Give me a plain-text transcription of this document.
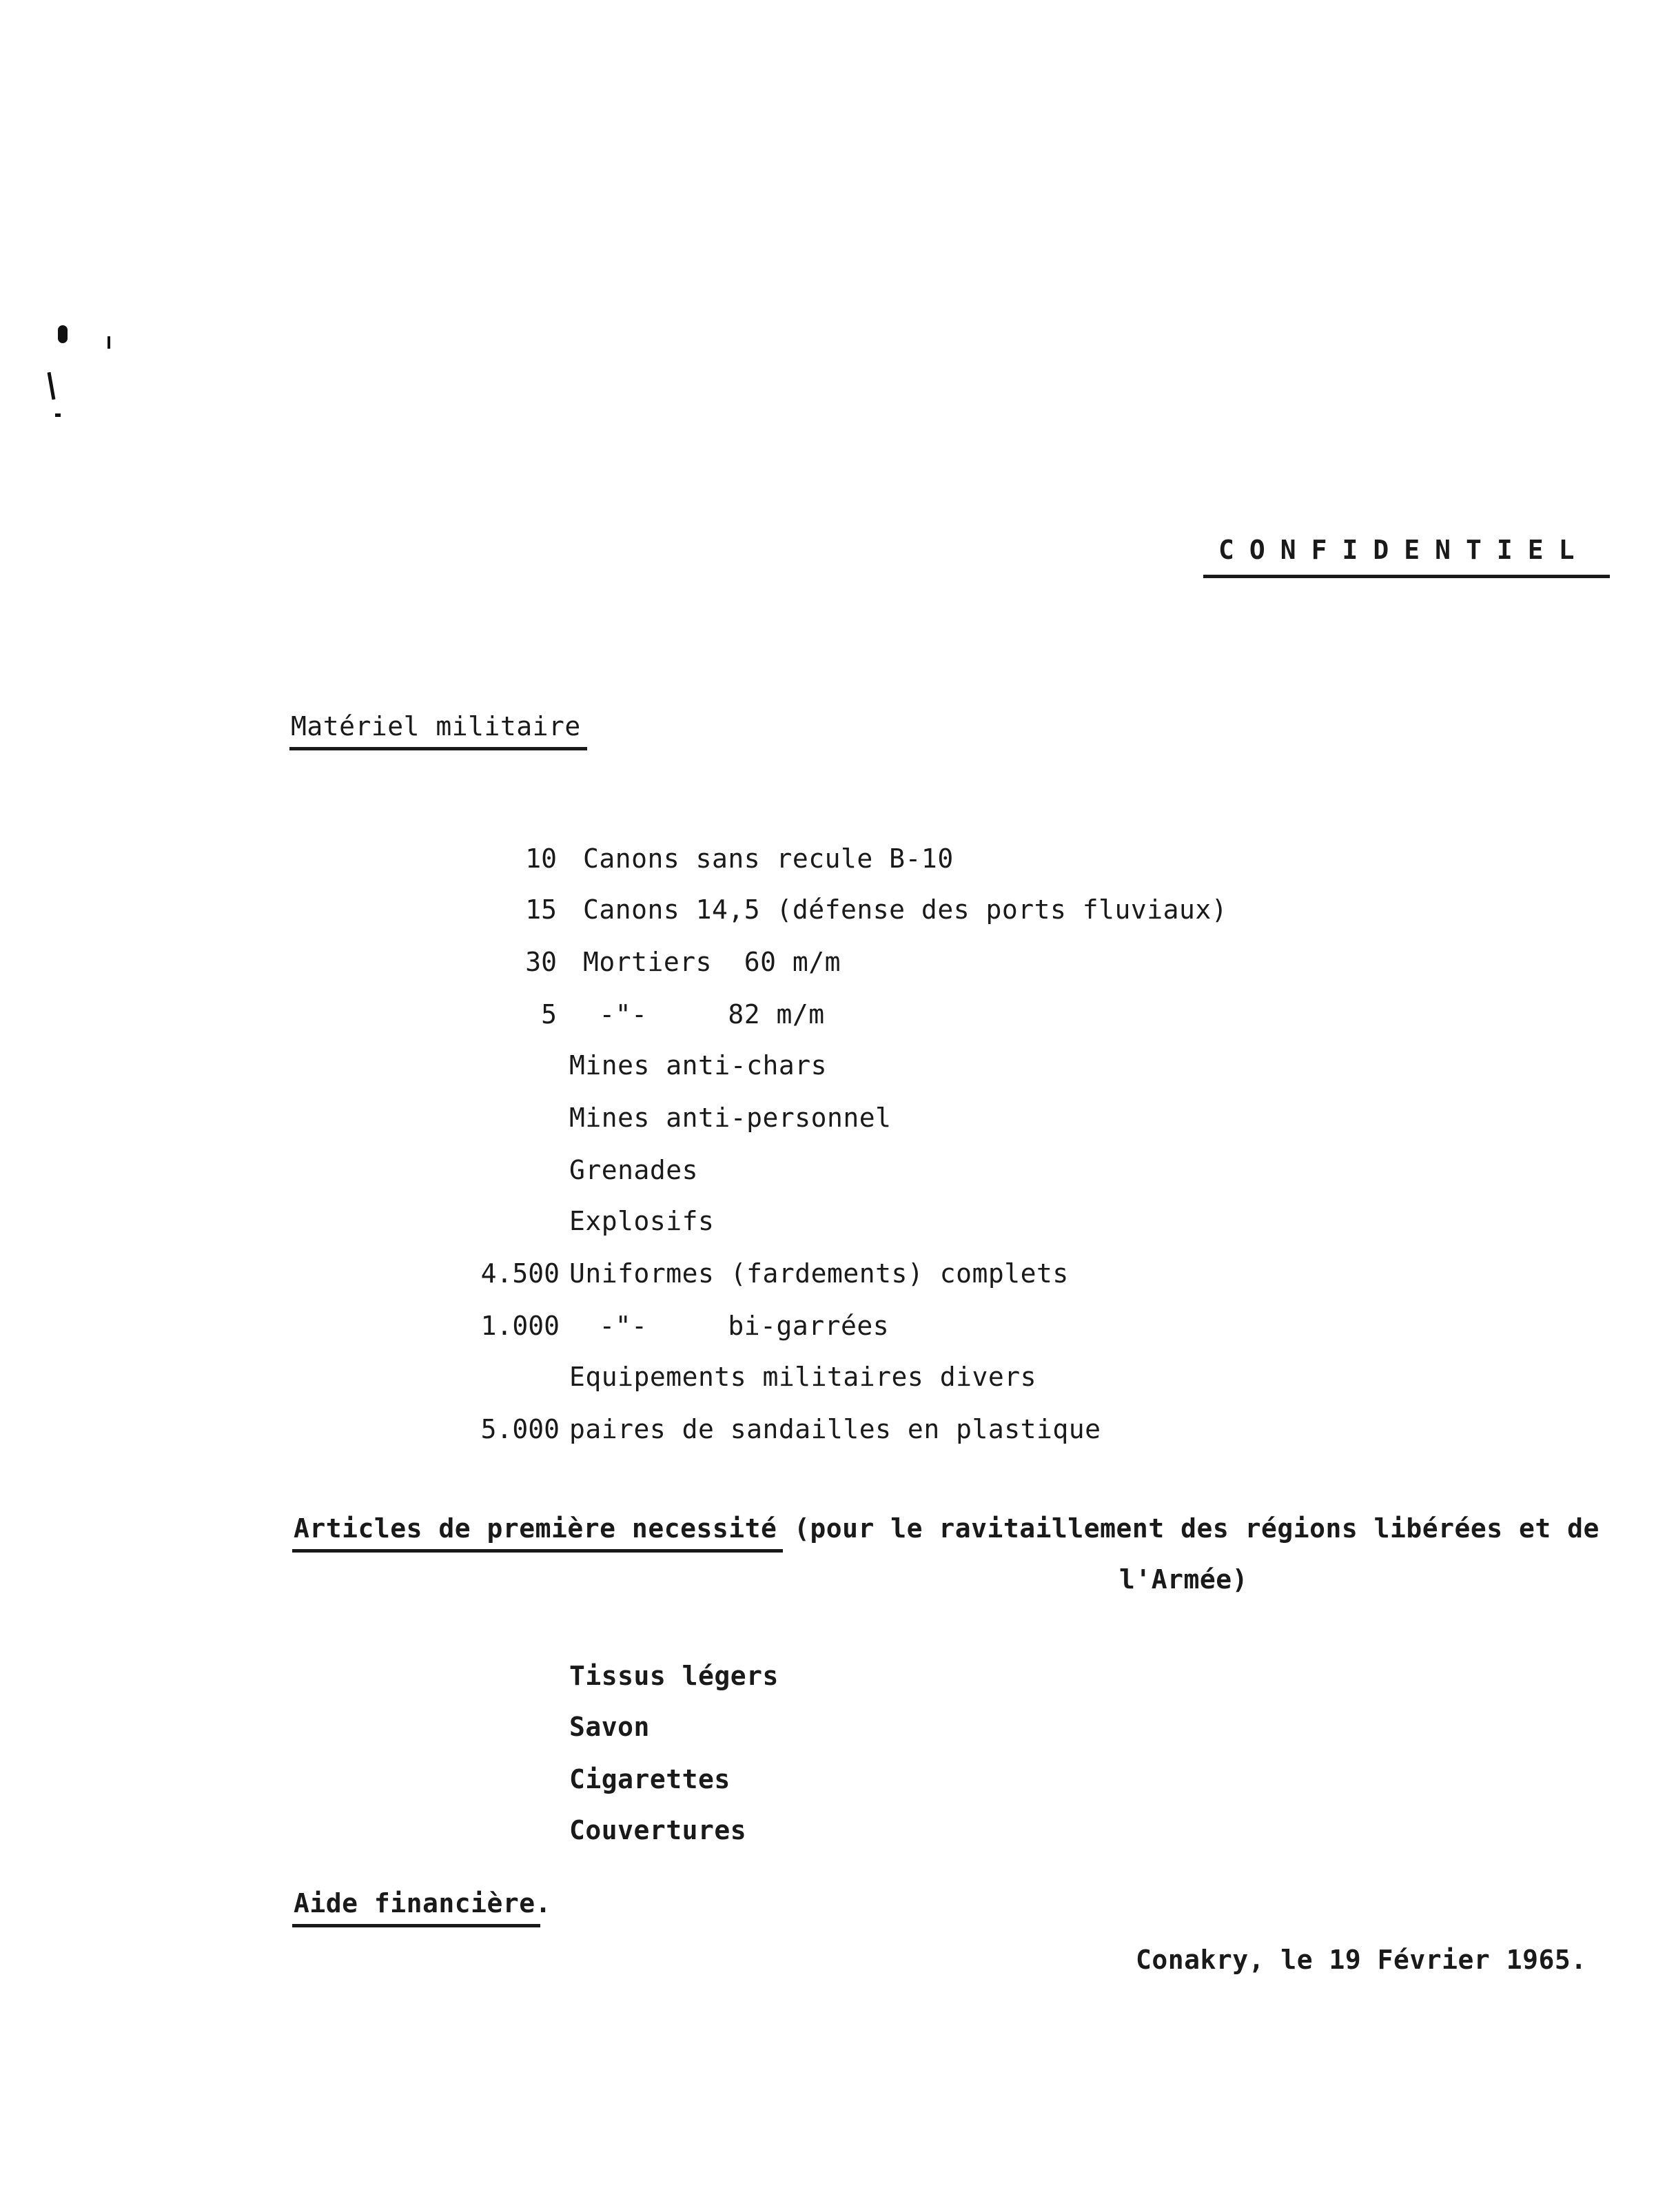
CONFIDENTIEL
Matériel militaire
10 Canons sans recule B-10
15 Canons 14,5 (défense des ports fluviaux)
30 Mortiers  60 m/m
5 -"-     82 m/m
Mines anti-chars
Mines anti-personnel
Grenades
Explosifs
4.500 Uniformes (fardements) complets
1.000 -"-     bi-garrées
Equipements militaires divers
5.000 paires de sandailles en plastique
Articles de première necessité (pour le ravitaillement des régions libérées et de
l'Armée)
Tissus légers
Savon
Cigarettes
Couvertures
Aide financière.
Conakry, le 19 Février 1965.
